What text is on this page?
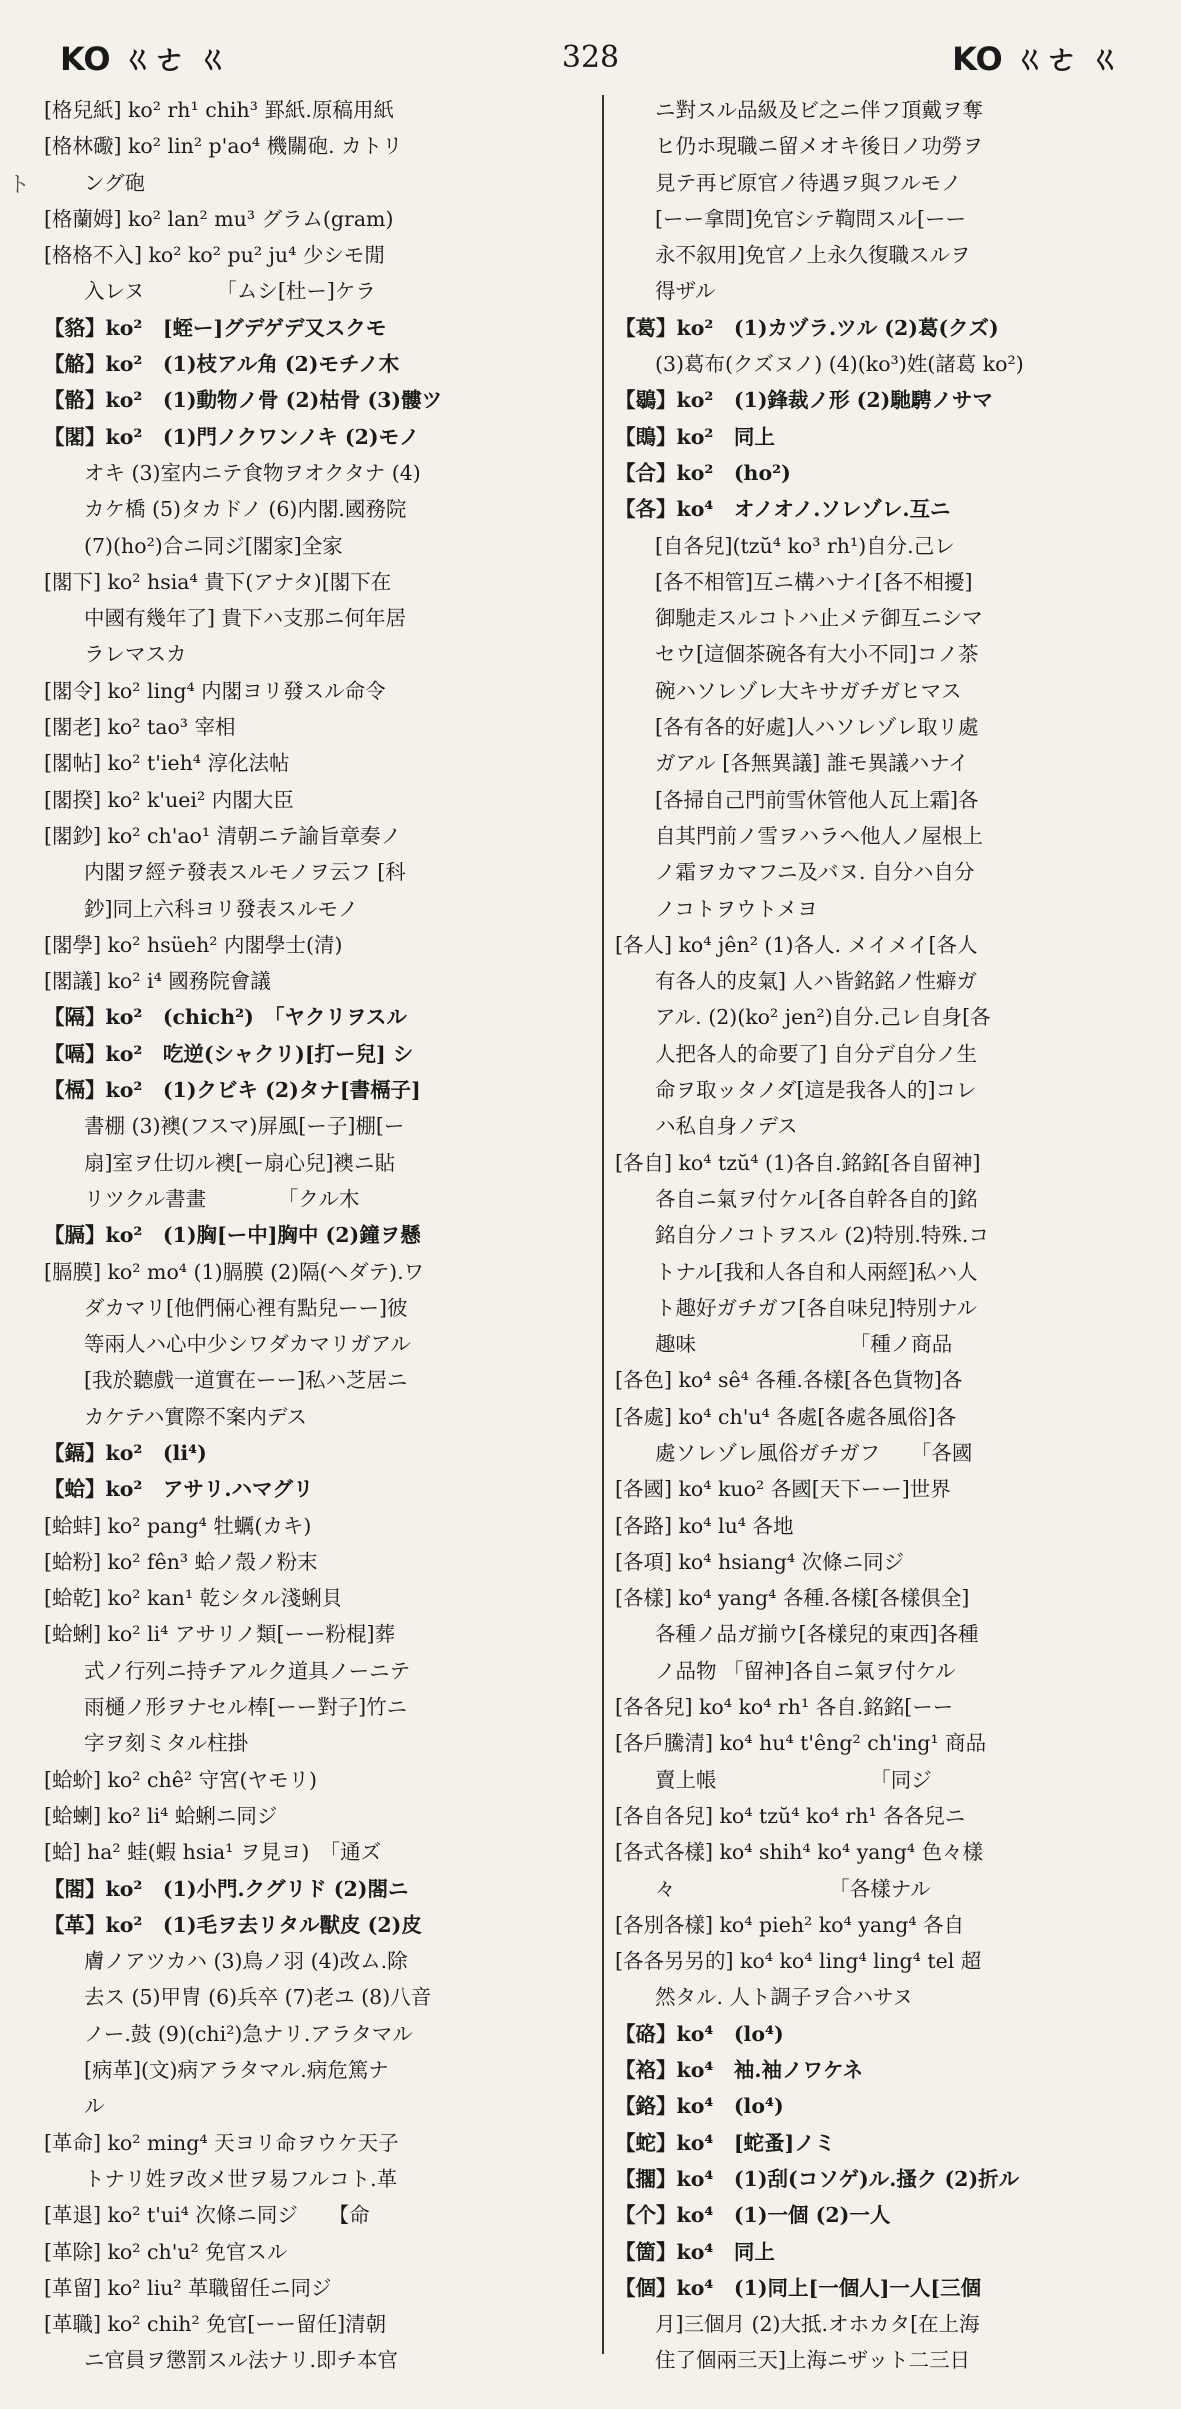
KO ㄍㄜ ㄍ	328	KO ㄍㄜ ㄍ
ト
[格兒紙] ko² rh¹ chih³ 罫紙.原稿用紙
[格林礮] ko² lin² p'ao⁴ 機關砲. カトリ
ング砲
[格蘭姆] ko² lan² mu³ グラム(gram)
[格格不入] ko² ko² pu² ju⁴ 少シモ閒
入レヌ　　　　「ムシ[杜ー]ケラ
【貉】ko²　[蛭ー]グデゲデ又スクモ
【觡】ko²　(1)枝アル角 (2)モチノ木
【骼】ko²　(1)動物ノ骨 (2)枯骨 (3)髏ツ
【閣】ko²　(1)門ノクワンノキ (2)モノ
オキ (3)室内ニテ食物ヲオクタナ (4)
カケ橋 (5)タカドノ (6)内閣.國務院
(7)(ho²)合ニ同ジ[閣家]全家
[閣下] ko² hsia⁴ 貴下(アナタ)[閣下在
中國有幾年了] 貴下ハ支那ニ何年居
ラレマスカ
[閣令] ko² ling⁴ 内閣ヨリ發スル命令
[閣老] ko² tao³ 宰相
[閣帖] ko² t'ieh⁴ 淳化法帖
[閣揆] ko² k'uei² 内閣大臣
[閣鈔] ko² ch'ao¹ 清朝ニテ諭旨章奏ノ
内閣ヲ經テ發表スルモノヲ云フ [科
鈔]同上六科ヨリ發表スルモノ
[閣學] ko² hsüeh² 内閣學士(清)
[閣議] ko² i⁴ 國務院會議
【隔】ko²　(chich²)　「ヤクリヲスル
【嗝】ko²　吃逆(シャクリ)[打ー兒] シ
【槅】ko²　(1)クビキ (2)タナ[書槅子]
書棚 (3)襖(フスマ)屏風[ー子]棚[ー
扇]室ヲ仕切ル襖[ー扇心兒]襖ニ貼
リツクル書畫　　　　「クル木
【膈】ko²　(1)胸[ー中]胸中 (2)鐘ヲ懸
[膈膜] ko² mo⁴ (1)膈膜 (2)隔(ヘダテ).ワ
ダカマリ[他們倆心裡有點兒ーー]彼
等兩人ハ心中少シワダカマリガアル
[我於聽戲一道實在ーー]私ハ芝居ニ
カケテハ實際不案内デス
【鎘】ko²　(li⁴)
【蛤】ko²　アサリ.ハマグリ
[蛤蚌] ko² pang⁴ 牡蠣(カキ)
[蛤粉] ko² fên³ 蛤ノ殼ノ粉末
[蛤乾] ko² kan¹ 乾シタル淺蜊貝
[蛤蜊] ko² li⁴ アサリノ類[ーー粉棍]葬
式ノ行列ニ持チアルク道具ノーニテ
雨樋ノ形ヲナセル棒[ーー對子]竹ニ
字ヲ刻ミタル柱掛
[蛤蚧] ko² chê² 守宮(ヤモリ)
[蛤蝲] ko² li⁴ 蛤蜊ニ同ジ
[蛤] ha² 蛙(蝦 hsia¹ ヲ見ヨ)　「通ズ
【閤】ko²　(1)小門.クグリド (2)閤ニ
【革】ko²　(1)毛ヲ去リタル獸皮 (2)皮
膚ノアツカハ (3)鳥ノ羽 (4)改ム.除
去ス (5)甲冑 (6)兵卒 (7)老ユ (8)八音
ノー.鼓 (9)(chi²)急ナリ.アラタマル
[病革](文)病アラタマル.病危篤ナ
ル
[革命] ko² ming⁴ 天ヨリ命ヲウケ天子
トナリ姓ヲ改メ世ヲ易フルコト.革
[革退] ko² t'ui⁴ 次條ニ同ジ　　【命
[革除] ko² ch'u² 免官スル
[革留] ko² liu² 革職留任ニ同ジ
[革職] ko² chih² 免官[ーー留任]清朝
ニ官員ヲ懲罰スル法ナリ.即チ本官
ニ對スル品級及ビ之ニ伴フ頂戴ヲ奪
ヒ仍ホ現職ニ留メオキ後日ノ功勞ヲ
見テ再ビ原官ノ待遇ヲ與フルモノ
[ーー拿問]免官シテ鞫問スル[ーー
永不叙用]免官ノ上永久復職スルヲ
得ザル
【葛】ko²　(1)カヅラ.ツル (2)葛(クズ)
(3)葛布(クズヌノ) (4)(ko³)姓(諸葛 ko²)
【鶡】ko²　(1)鋒裁ノ形 (2)馳騁ノサマ
【鵖】ko²　同上
【合】ko²　(ho²)
【各】ko⁴　オノオノ.ソレゾレ.互ニ
[自各兒](tzŭ⁴ ko³ rh¹)自分.己レ
[各不相管]互ニ構ハナイ[各不相擾]
御馳走スルコトハ止メテ御互ニシマ
セウ[這個茶碗各有大小不同]コノ茶
碗ハソレゾレ大キサガチガヒマス
[各有各的好處]人ハソレゾレ取リ處
ガアル [各無異議] 誰モ異議ハナイ
[各掃自己門前雪休管他人瓦上霜]各
自其門前ノ雪ヲハラヘ他人ノ屋根上
ノ霜ヲカマフニ及バヌ. 自分ハ自分
ノコトヲウトメヨ
[各人] ko⁴ jên² (1)各人. メイメイ[各人
有各人的皮氣] 人ハ皆銘銘ノ性癖ガ
アル. (2)(ko² jen²)自分.己レ自身[各
人把各人的命要了] 自分デ自分ノ生
命ヲ取ッタノダ[這是我各人的]コレ
ハ私自身ノデス
[各自] ko⁴ tzŭ⁴ (1)各自.銘銘[各自留神]
各自ニ氣ヲ付ケル[各自幹各自的]銘
銘自分ノコトヲスル (2)特別.特殊.コ
トナル[我和人各自和人兩經]私ハ人
ト趣好ガチガフ[各自味兒]特別ナル
趣味　　　　　　　　「種ノ商品
[各色] ko⁴ sê⁴ 各種.各樣[各色貨物]各
[各處] ko⁴ ch'u⁴ 各處[各處各風俗]各
處ソレゾレ風俗ガチガフ　　「各國
[各國] ko⁴ kuo² 各國[天下ーー]世界
[各路] ko⁴ lu⁴ 各地
[各項] ko⁴ hsiang⁴ 次條ニ同ジ
[各樣] ko⁴ yang⁴ 各種.各樣[各樣俱全]
各種ノ品ガ揃ウ[各樣兒的東西]各種
ノ品物 「留神]各自ニ氣ヲ付ケル
[各各兒] ko⁴ ko⁴ rh¹ 各自.銘銘[ーー
[各戶騰清] ko⁴ hu⁴ t'êng² ch'ing¹ 商品
賣上帳　　　　　　　　「同ジ
[各自各兒] ko⁴ tzŭ⁴ ko⁴ rh¹ 各各兒ニ
[各式各樣] ko⁴ shih⁴ ko⁴ yang⁴ 色々樣
々　　　　　　　　「各樣ナル
[各別各樣] ko⁴ pieh² ko⁴ yang⁴ 各自
[各各另另的] ko⁴ ko⁴ ling⁴ ling⁴ tel 超
然タル. 人ト調子ヲ合ハサヌ
【硌】ko⁴　(lo⁴)
【袼】ko⁴　袖.袖ノワケネ
【鉻】ko⁴　(lo⁴)
【蛇】ko⁴　[蛇蚤]ノミ
【擱】ko⁴　(1)刮(コソゲ)ル.搔ク (2)折ル
【个】ko⁴　(1)一個 (2)一人
【箇】ko⁴　同上
【個】ko⁴　(1)同上[一個人]一人[三個
月]三個月 (2)大抵.オホカタ[在上海
住了個兩三天]上海ニザット二三日
